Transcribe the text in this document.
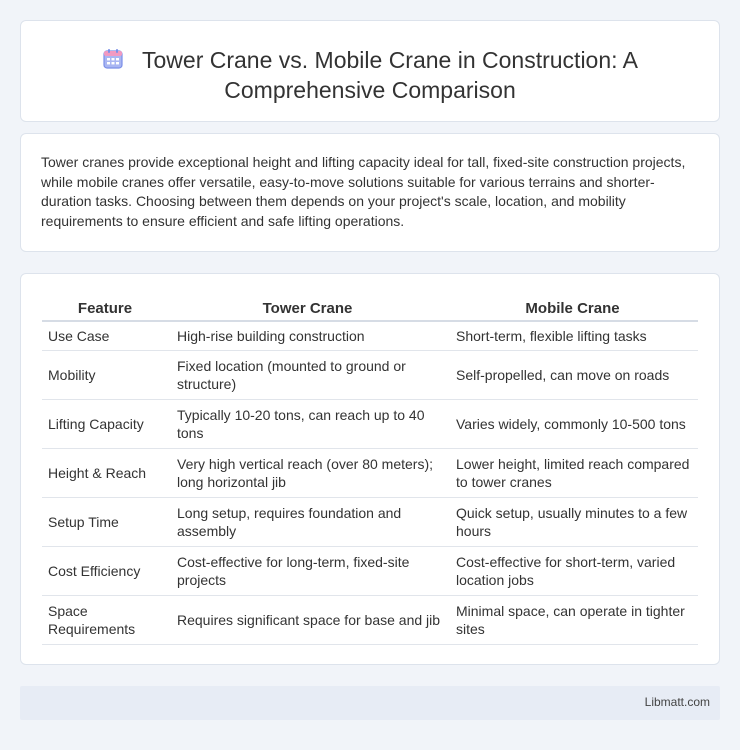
Tower Crane vs. Mobile Crane in Construction: A Comprehensive Comparison

Tower cranes provide exceptional height and lifting capacity ideal for tall, fixed-site construction projects, while mobile cranes offer versatile, easy-to-move solutions suitable for various terrains and shorter-duration tasks. Choosing between them depends on your project's scale, location, and mobility requirements to ensure efficient and safe lifting operations.

Feature	Tower Crane	Mobile Crane
Use Case	High-rise building construction	Short-term, flexible lifting tasks
Mobility	Fixed location (mounted to ground or structure)	Self-propelled, can move on roads
Lifting Capacity	Typically 10-20 tons, can reach up to 40 tons	Varies widely, commonly 10-500 tons
Height & Reach	Very high vertical reach (over 80 meters); long horizontal jib	Lower height, limited reach compared to tower cranes
Setup Time	Long setup, requires foundation and assembly	Quick setup, usually minutes to a few hours
Cost Efficiency	Cost-effective for long-term, fixed-site projects	Cost-effective for short-term, varied location jobs
Space Requirements	Requires significant space for base and jib	Minimal space, can operate in tighter sites
Libmatt.com
